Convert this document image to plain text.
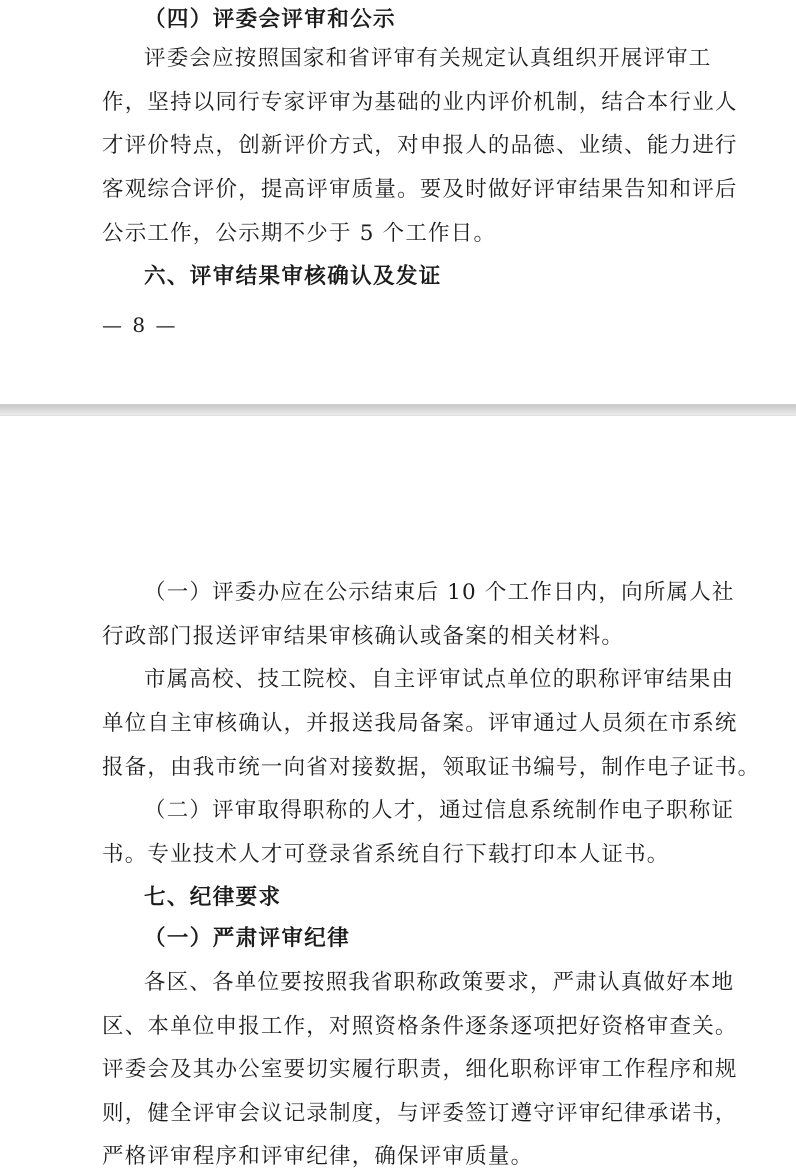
（四）评委会评审和公示
评委会应按照国家和省评审有关规定认真组织开展评审工
作，坚持以同行专家评审为基础的业内评价机制，结合本行业人
才评价特点，创新评价方式，对申报人的品德、业绩、能力进行
客观综合评价，提高评审质量。要及时做好评审结果告知和评后
公示工作，公示期不少于 5 个工作日。
六、评审结果审核确认及发证
— 8 —
（一）评委办应在公示结束后 10 个工作日内，向所属人社
行政部门报送评审结果审核确认或备案的相关材料。
市属高校、技工院校、自主评审试点单位的职称评审结果由
单位自主审核确认，并报送我局备案。评审通过人员须在市系统
报备，由我市统一向省对接数据，领取证书编号，制作电子证书。
（二）评审取得职称的人才，通过信息系统制作电子职称证
书。专业技术人才可登录省系统自行下载打印本人证书。
七、纪律要求
（一）严肃评审纪律
各区、各单位要按照我省职称政策要求，严肃认真做好本地
区、本单位申报工作，对照资格条件逐条逐项把好资格审查关。
评委会及其办公室要切实履行职责，细化职称评审工作程序和规
则，健全评审会议记录制度，与评委签订遵守评审纪律承诺书，
严格评审程序和评审纪律，确保评审质量。
